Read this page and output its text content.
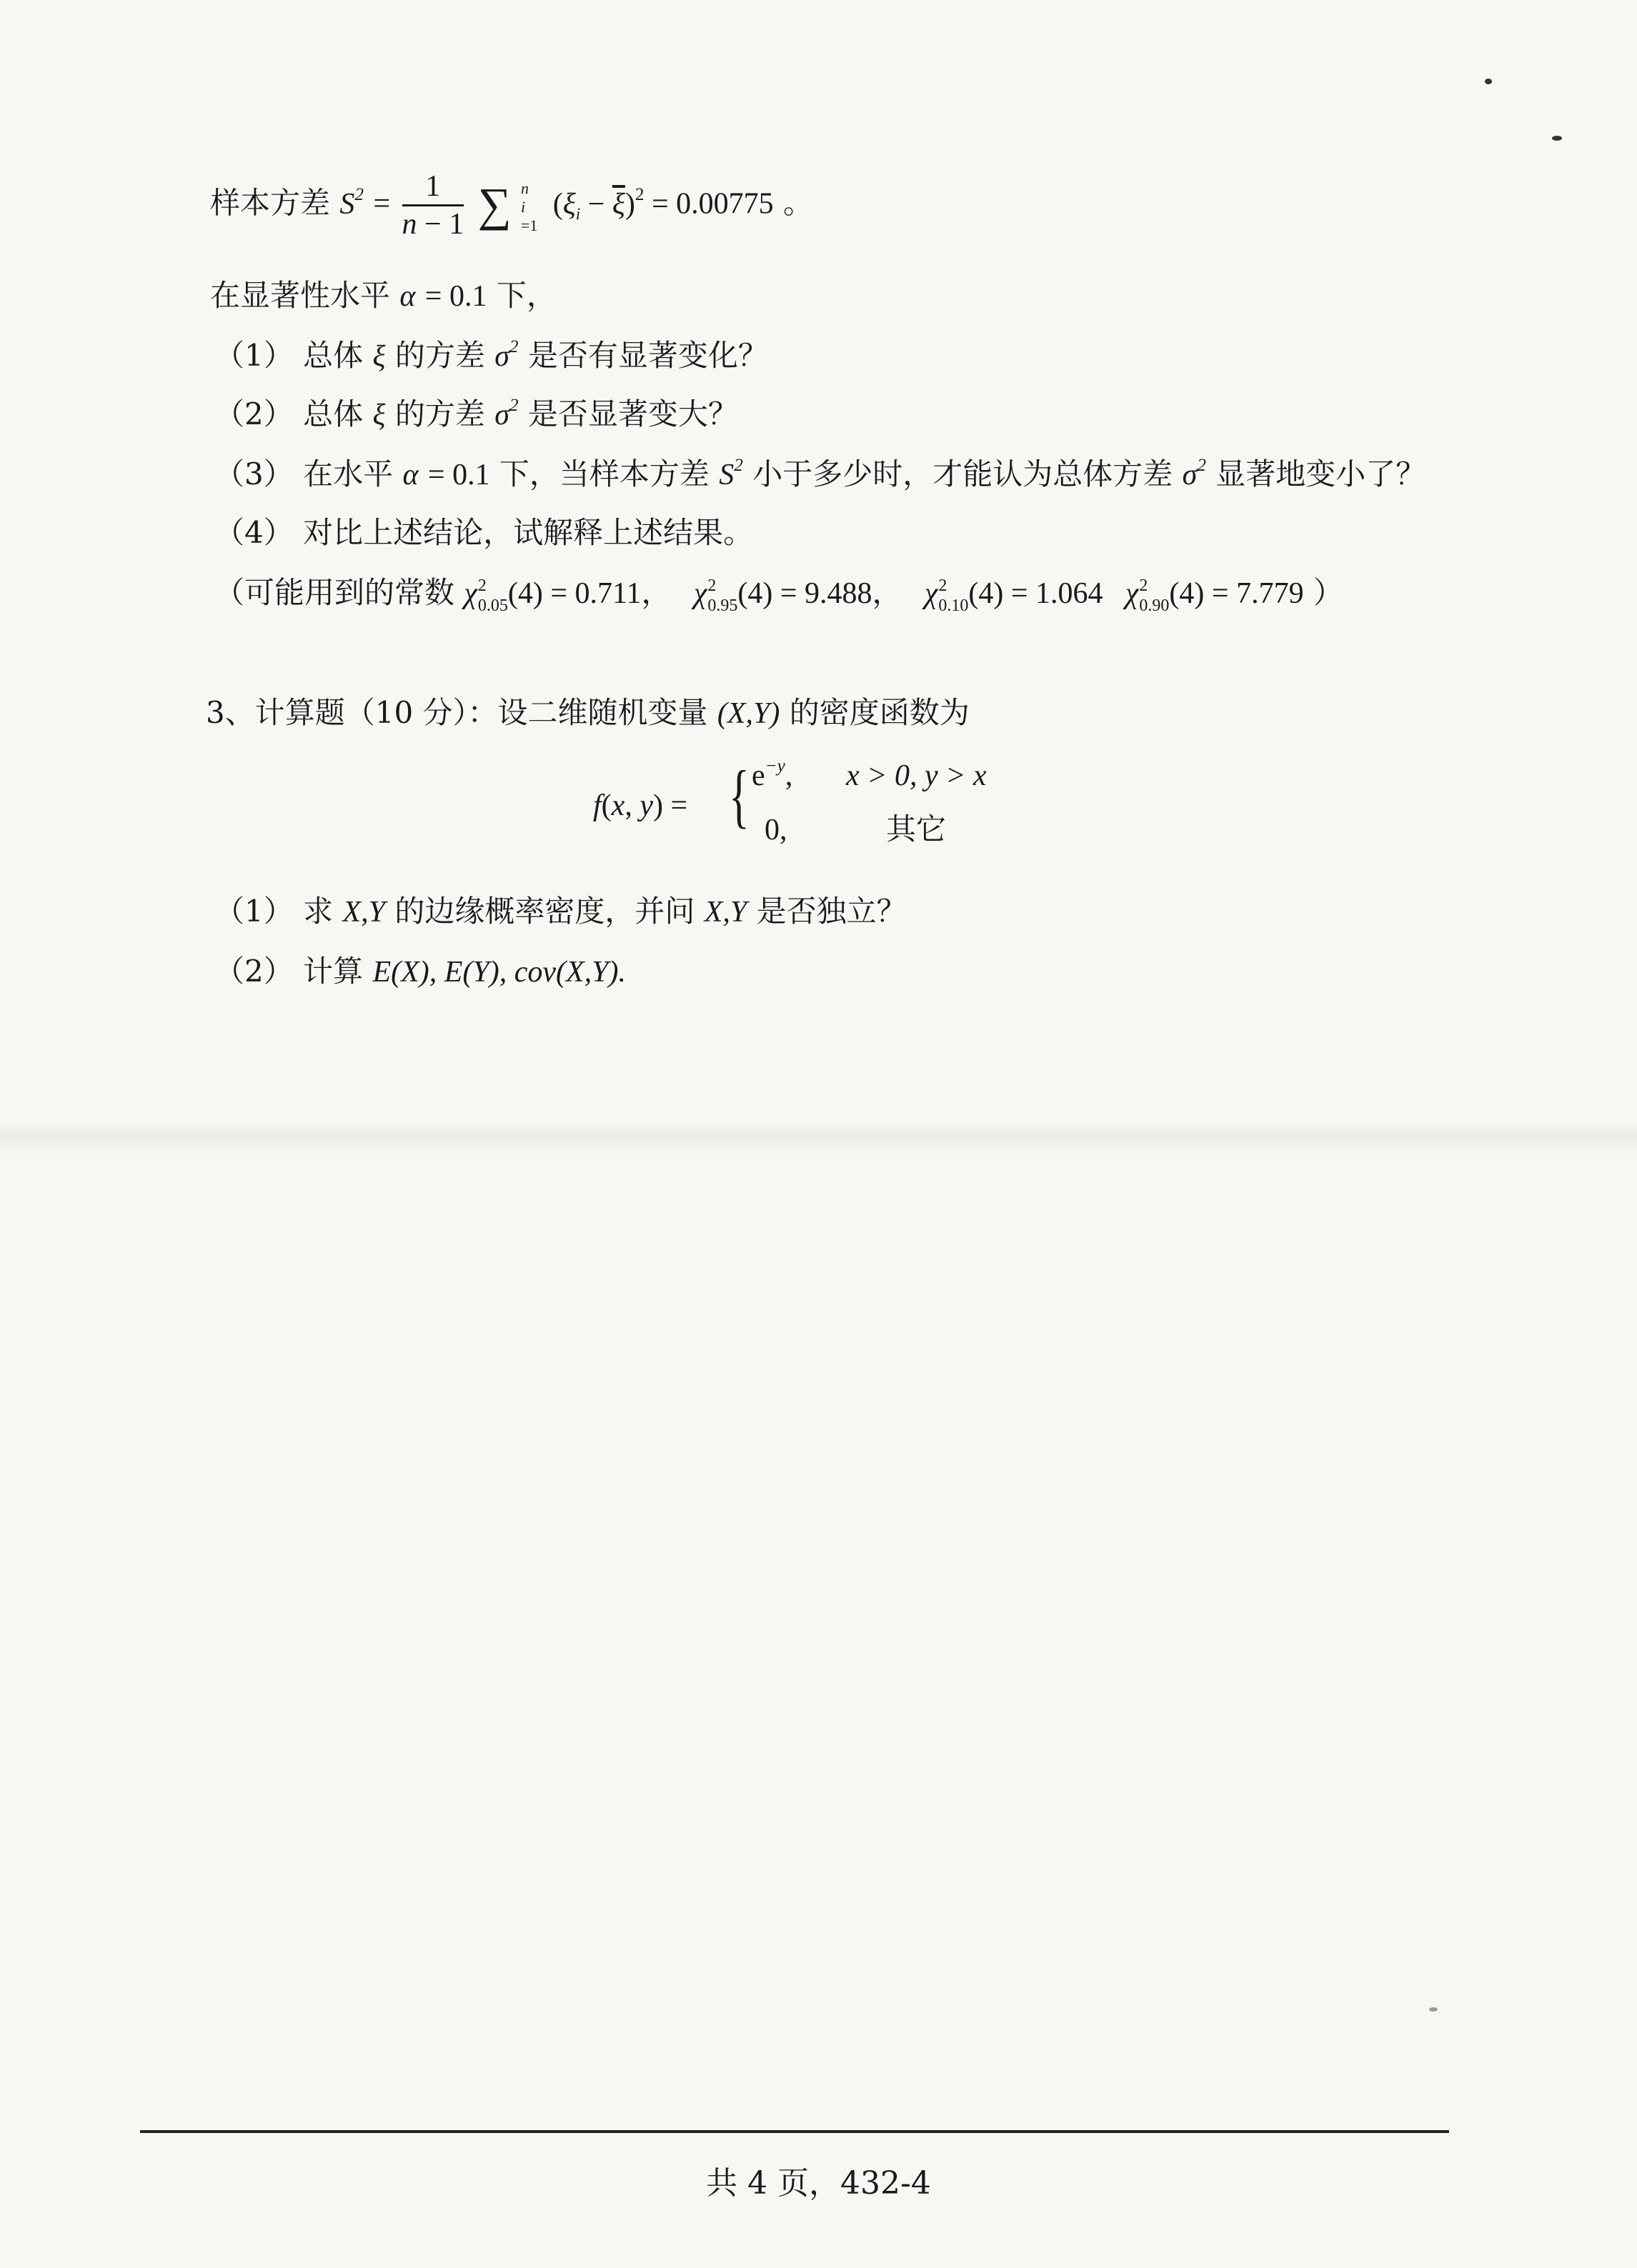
样本方差 $S^2 = \frac{1}{n - 1}$ ∑ n
i
=1
$(\xi_i - \overline{\xi})^2 = 0.00775$ 。
在显著性水平 α = 0.1 下，
（1） 总体 ξ 的方差 $\sigma^2$ 是否有显著变化？
（2） 总体 ξ 的方差 $\sigma^2$ 是否显著变大？
（3） 在水平 α = 0.1 下，当样本方差 $S^2$ 小于多少时，才能认为总体方差 $\sigma^2$ 显著地变小了？
（4） 对比上述结论，试解释上述结果。
（可能用到的常数 χ 2
0.05 (4) = 0.711， χ 2
0.95 (4) = 9.488， χ 2
0.10 (4) = 1.064 χ 2
0.90 (4) = 7.779 ）
3、计算题（10 分）：设二维随机变量 (X,Y) 的密度函数为
f(x, y) = { $e^{-y}$, x > 0, y > x
0,	其它
（1） 求 X,Y 的边缘概率密度，并问 X,Y 是否独立？
（2） 计算 E(X), E(Y), cov(X,Y).
共 4 页，432-4
